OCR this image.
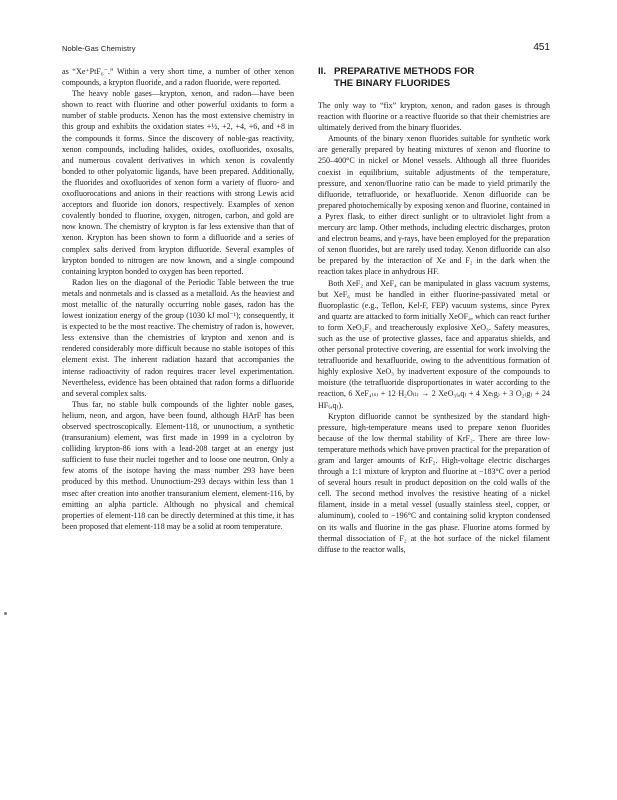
Noble-Gas Chemistry	451

as “Xe⁺PtF₆⁻.” Within a very short time, a number of other xenon compounds, a krypton fluoride, and a radon fluoride, were reported.

The heavy noble gases—krypton, xenon, and radon—have been shown to react with fluorine and other powerful oxidants to form a number of stable products. Xenon has the most extensive chemistry in this group and exhibits the oxidation states +½, +2, +4, +6, and +8 in the compounds it forms. Since the discovery of noble-gas reactivity, xenon compounds, including halides, oxides, oxofluorides, oxosalts, and numerous covalent derivatives in which xenon is covalently bonded to other polyatomic ligands, have been prepared. Additionally, the fluorides and oxofluorides of xenon form a variety of fluoro- and oxofluorocations and anions in their reactions with strong Lewis acid acceptors and fluoride ion donors, respectively. Examples of xenon covalently bonded to fluorine, oxygen, nitrogen, carbon, and gold are now known. The chemistry of krypton is far less extensive than that of xenon. Krypton has been shown to form a difluoride and a series of complex salts derived from krypton difluoride. Several examples of krypton bonded to nitrogen are now known, and a single compound containing krypton bonded to oxygen has been reported.

Radon lies on the diagonal of the Periodic Table between the true metals and nonmetals and is classed as a metalloid. As the heaviest and most metallic of the naturally occurring noble gases, radon has the lowest ionization energy of the group (1030 kJ mol⁻¹); consequently, it is expected to be the most reactive. The chemistry of radon is, however, less extensive than the chemistries of krypton and xenon and is rendered considerably more difficult because no stable isotopes of this element exist. The inherent radiation hazard that accompanies the intense radioactivity of radon requires tracer level experimentation. Nevertheless, evidence has been obtained that radon forms a difluoride and several complex salts.

Thus far, no stable bulk compounds of the lighter noble gases, helium, neon, and argon, have been found, although HArF has been observed spectroscopically. Element-118, or ununoctium, a synthetic (transuranium) element, was first made in 1999 in a cyclotron by colliding krypton-86 ions with a lead-208 target at an energy just sufficient to fuse their nuclei together and to loose one neutron. Only a few atoms of the isotope having the mass number 293 have been produced by this method. Ununoctium-293 decays within less than 1 msec after creation into another transuranium element, element-116, by emitting an alpha particle. Although no physical and chemical properties of element-118 can be directly determined at this time, it has been proposed that element-118 may be a solid at room temperature.

II. PREPARATIVE METHODS FOR
THE BINARY FLUORIDES

The only way to “fix” krypton, xenon, and radon gases is through reaction with fluorine or a reactive fluoride so that their chemistries are ultimately derived from the binary fluorides.

Amounts of the binary xenon fluorides suitable for synthetic work are generally prepared by heating mixtures of xenon and fluorine to 250–400°C in nickel or Monel vessels. Although all three fluorides coexist in equilibrium, suitable adjustments of the temperature, pressure, and xenon/fluorine ratio can be made to yield primarily the difluoride, tetrafluoride, or hexafluoride. Xenon difluoride can be prepared photochemically by exposing xenon and fluorine, contained in a Pyrex flask, to either direct sunlight or to ultraviolet light from a mercury arc lamp. Other methods, including electric discharges, proton and electron beams, and γ-rays, have been employed for the preparation of xenon fluorides, but are rarely used today. Xenon difluoride can also be prepared by the interaction of Xe and F₂ in the dark when the reaction takes place in anhydrous HF.

Both XeF₂ and XeF₄ can be manipulated in glass vacuum systems, but XeF₆ must be handled in either fluorine-passivated metal or fluoroplastic (e.g., Teflon, Kel-F, FEP) vacuum systems, since Pyrex and quartz are attacked to form initially XeOF₄, which can react further to form XeO₂F₂ and treacherously explosive XeO₃. Safety measures, such as the use of protective glasses, face and apparatus shields, and other personal protective covering, are essential for work involving the tetrafluoride and hexafluoride, owing to the adventitious formation of highly explosive XeO₃ by inadvertent exposure of the compounds to moisture (the tetrafluoride disproportionates in water according to the reaction, 6 XeF₄₍ₛ₎ + 12 H₂O₍ₗ₎ → 2 XeO₃₍ₐq₎ + 4 Xe₍g₎ + 3 O₂₍g₎ + 24 HF₍ₐq₎).

Krypton difluoride cannot be synthesized by the standard high-pressure, high-temperature means used to prepare xenon fluorides because of the low thermal stability of KrF₂. There are three low-temperature methods which have proven practical for the preparation of gram and larger amounts of KrF₂. High-voltage electric discharges through a 1:1 mixture of krypton and fluorine at −183°C over a period of several hours result in product deposition on the cold walls of the cell. The second method involves the resistive heating of a nickel filament, inside in a metal vessel (usually stainless steel, copper, or aluminum), cooled to −196°C and containing solid krypton condensed on its walls and fluorine in the gas phase. Fluorine atoms formed by thermal dissociation of F₂ at the hot surface of the nickel filament diffuse to the reactor walls,
